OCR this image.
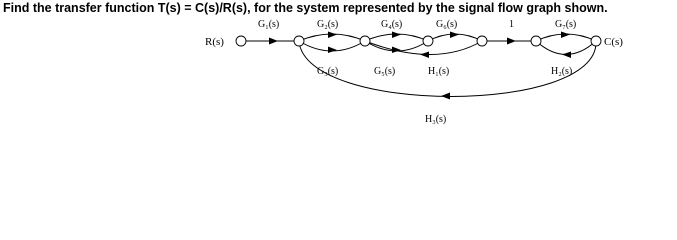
Find the transfer function T(s) = C(s)/R(s), for the system represented by the signal flow graph shown.
R(s)	C(s)
G₁(s)	G₂(s)	G₄(s)	G₆(s)	1	G₇(s)
G₃(s)	G₅(s)	H₁(s)	H₂(s)
H₃(s)
